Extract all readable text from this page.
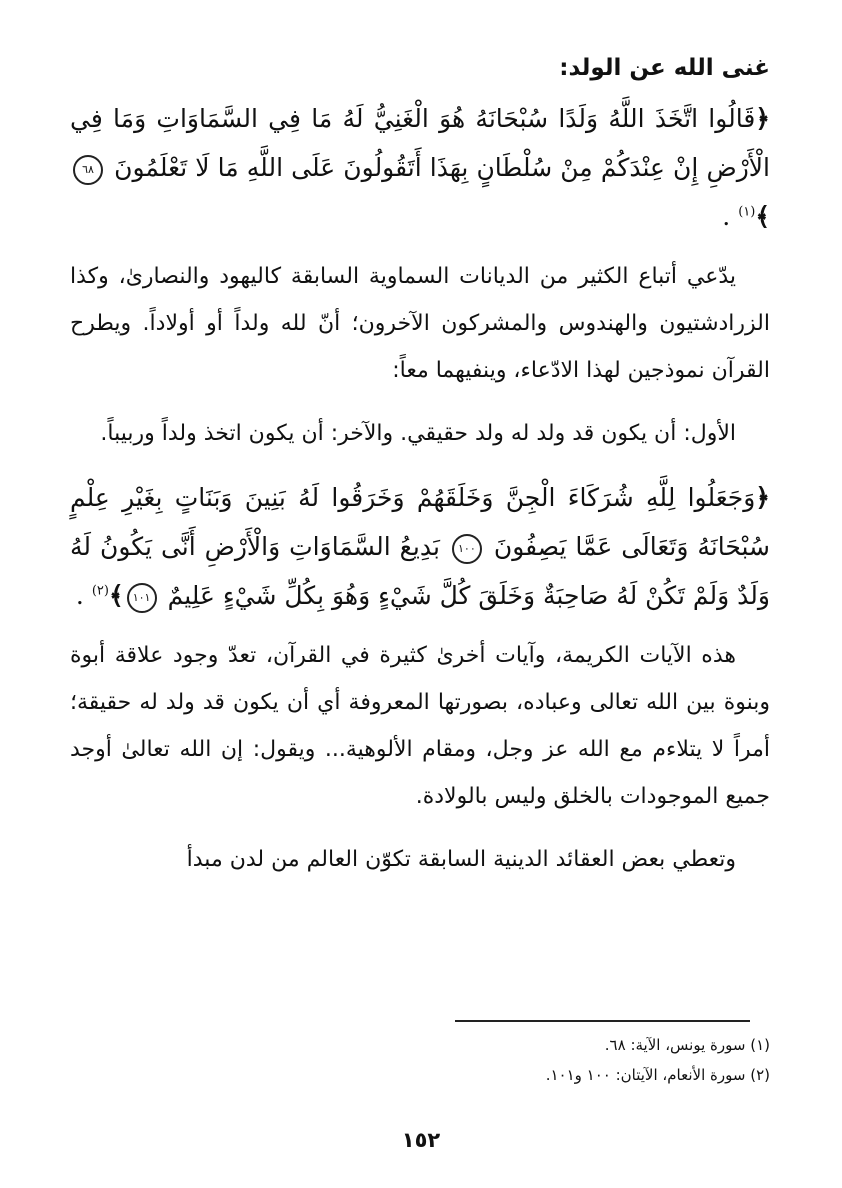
غنى الله عن الولد:

﴿قَالُوا اتَّخَذَ اللَّهُ وَلَدًا سُبْحَانَهُ هُوَ الْغَنِيُّ لَهُ مَا فِي السَّمَاوَاتِ وَمَا فِي الْأَرْضِ إِنْ عِنْدَكُمْ مِنْ سُلْطَانٍ بِهَذَا أَتَقُولُونَ عَلَى اللَّهِ مَا لَا تَعْلَمُونَ ٦٨﴾$^{(١)}$ .

يدّعي أتباع الكثير من الديانات السماوية السابقة كاليهود والنصارىٰ، وكذا الزرادشتيون والهندوس والمشركون الآخرون؛ أنّ لله ولداً أو أولاداً. ويطرح القرآن نموذجين لهذا الادّعاء، وينفيهما معاً:

الأول: أن يكون قد ولد له ولد حقيقي. والآخر: أن يكون اتخذ ولداً وربيباً.

﴿وَجَعَلُوا لِلَّهِ شُرَكَاءَ الْجِنَّ وَخَلَقَهُمْ وَخَرَقُوا لَهُ بَنِينَ وَبَنَاتٍ بِغَيْرِ عِلْمٍ سُبْحَانَهُ وَتَعَالَى عَمَّا يَصِفُونَ ١٠٠ بَدِيعُ السَّمَاوَاتِ وَالْأَرْضِ أَنَّى يَكُونُ لَهُ وَلَدٌ وَلَمْ تَكُنْ لَهُ صَاحِبَةٌ وَخَلَقَ كُلَّ شَيْءٍ وَهُوَ بِكُلِّ شَيْءٍ عَلِيمٌ ١٠١﴾$^{(٢)}$ .

هذه الآيات الكريمة، وآيات أخرىٰ كثيرة في القرآن، تعدّ وجود علاقة أبوة وبنوة بين الله تعالى وعباده، بصورتها المعروفة أي أن يكون قد ولد له حقيقة؛ أمراً لا يتلاءم مع الله عز وجل، ومقام الألوهية... ويقول: إن الله تعالىٰ أوجد جميع الموجودات بالخلق وليس بالولادة.

وتعطي بعض العقائد الدينية السابقة تكوّن العالم من لدن مبدأ

(١) سورة يونس، الآية: ٦٨.

(٢) سورة الأنعام، الآيتان: ١٠٠ و١٠١.

١٥٢
